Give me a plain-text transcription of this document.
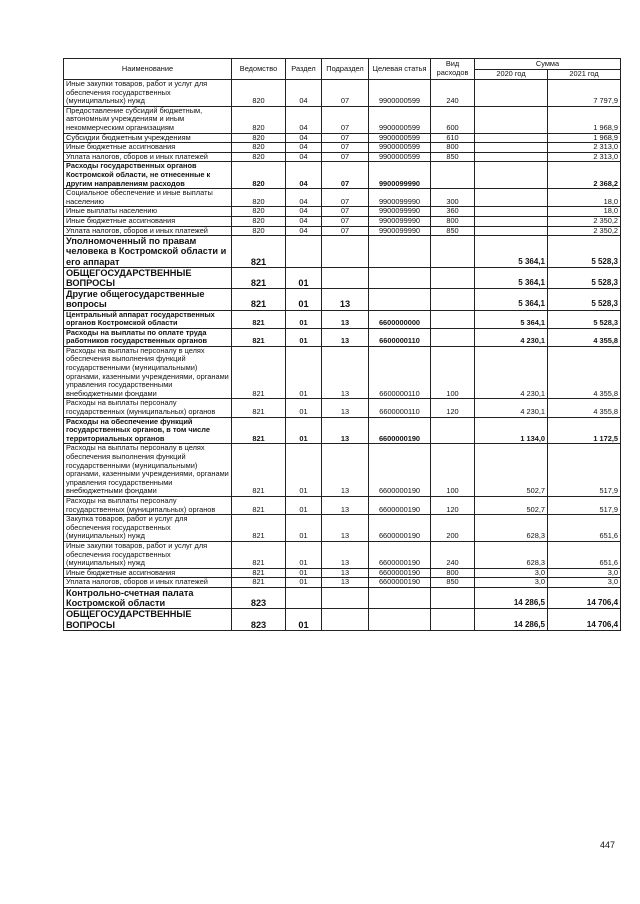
Наименование	Ведомство	Раздел	Подраздел	Целевая статья	Вид расходов	Сумма	
						2020 год	2021 год
Иные закупки товаров, работ и услуг для обеспечения государственных (муниципальных) нужд	820	04	07	9900000599	240		7 797,9
Предоставление субсидий бюджетным, автономным учреждениям и иным некоммерческим организациям	820	04	07	9900000599	600		1 968,9
Субсидии бюджетным учреждениям	820	04	07	9900000599	610		1 968,9
Иные бюджетные ассигнования	820	04	07	9900000599	800		2 313,0
Уплата налогов, сборов и иных платежей	820	04	07	9900000599	850		2 313,0
Расходы государственных органов Костромской области, не отнесенные к другим направлениям расходов	820	04	07	9900099990			2 368,2
Социальное обеспечение и иные выплаты населению	820	04	07	9900099990	300		18,0
Иные выплаты населению	820	04	07	9900099990	360		18,0
Иные бюджетные ассигнования	820	04	07	9900099990	800		2 350,2
Уплата налогов, сборов и иных платежей	820	04	07	9900099990	850		2 350,2
Уполномоченный по правам человека в Костромской области и его аппарат	821					5 364,1	5 528,3
ОБЩЕГОСУДАРСТВЕННЫЕ ВОПРОСЫ	821	01				5 364,1	5 528,3
Другие общегосударственные вопросы	821	01	13			5 364,1	5 528,3
Центральный аппарат государственных органов Костромской области	821	01	13	6600000000		5 364,1	5 528,3
Расходы на выплаты по оплате труда работников государственных органов	821	01	13	6600000110		4 230,1	4 355,8
Расходы на выплаты персоналу в целях обеспечения выполнения функций государственными (муниципальными) органами, казенными учреждениями, органами управления государственными внебюджетными фондами	821	01	13	6600000110	100	4 230,1	4 355,8
Расходы на выплаты персоналу государственных (муниципальных) органов	821	01	13	6600000110	120	4 230,1	4 355,8
Расходы на обеспечение функций государственных органов, в том числе территориальных органов	821	01	13	6600000190		1 134,0	1 172,5
Расходы на выплаты персоналу в целях обеспечения выполнения функций государственными (муниципальными) органами, казенными учреждениями, органами управления государственными внебюджетными фондами	821	01	13	6600000190	100	502,7	517,9
Расходы на выплаты персоналу государственных (муниципальных) органов	821	01	13	6600000190	120	502,7	517,9
Закупка товаров, работ и услуг для обеспечения государственных (муниципальных) нужд	821	01	13	6600000190	200	628,3	651,6
Иные закупки товаров, работ и услуг для обеспечения государственных (муниципальных) нужд	821	01	13	6600000190	240	628,3	651,6
Иные бюджетные ассигнования	821	01	13	6600000190	800	3,0	3,0
Уплата налогов, сборов и иных платежей	821	01	13	6600000190	850	3,0	3,0
Контрольно-счетная палата Костромской области	823					14 286,5	14 706,4
ОБЩЕГОСУДАРСТВЕННЫЕ ВОПРОСЫ	823	01				14 286,5	14 706,4
447
